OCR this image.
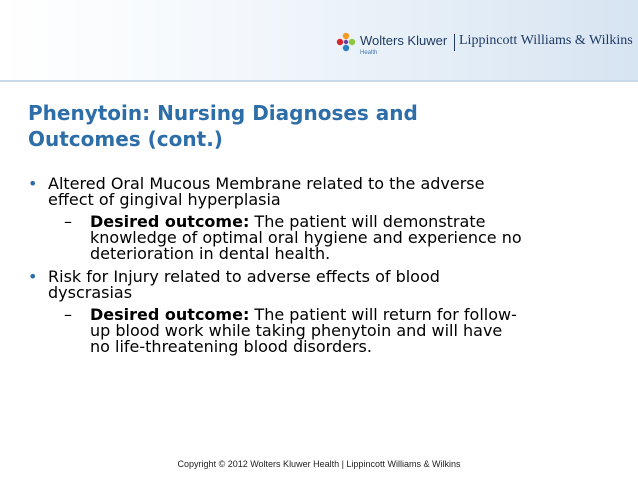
Wolters Kluwer Lippincott Williams & Wilkins
Health
Phenytoin: Nursing Diagnoses and
Outcomes (cont.)
• Altered Oral Mucous Membrane related to the adverse
effect of gingival hyperplasia
– Desired outcome: The patient will demonstrate
knowledge of optimal oral hygiene and experience no
deterioration in dental health.
• Risk for Injury related to adverse effects of blood
dyscrasias
– Desired outcome: The patient will return for follow-
up blood work while taking phenytoin and will have
no life-threatening blood disorders.
Copyright © 2012 Wolters Kluwer Health | Lippincott Williams & Wilkins
